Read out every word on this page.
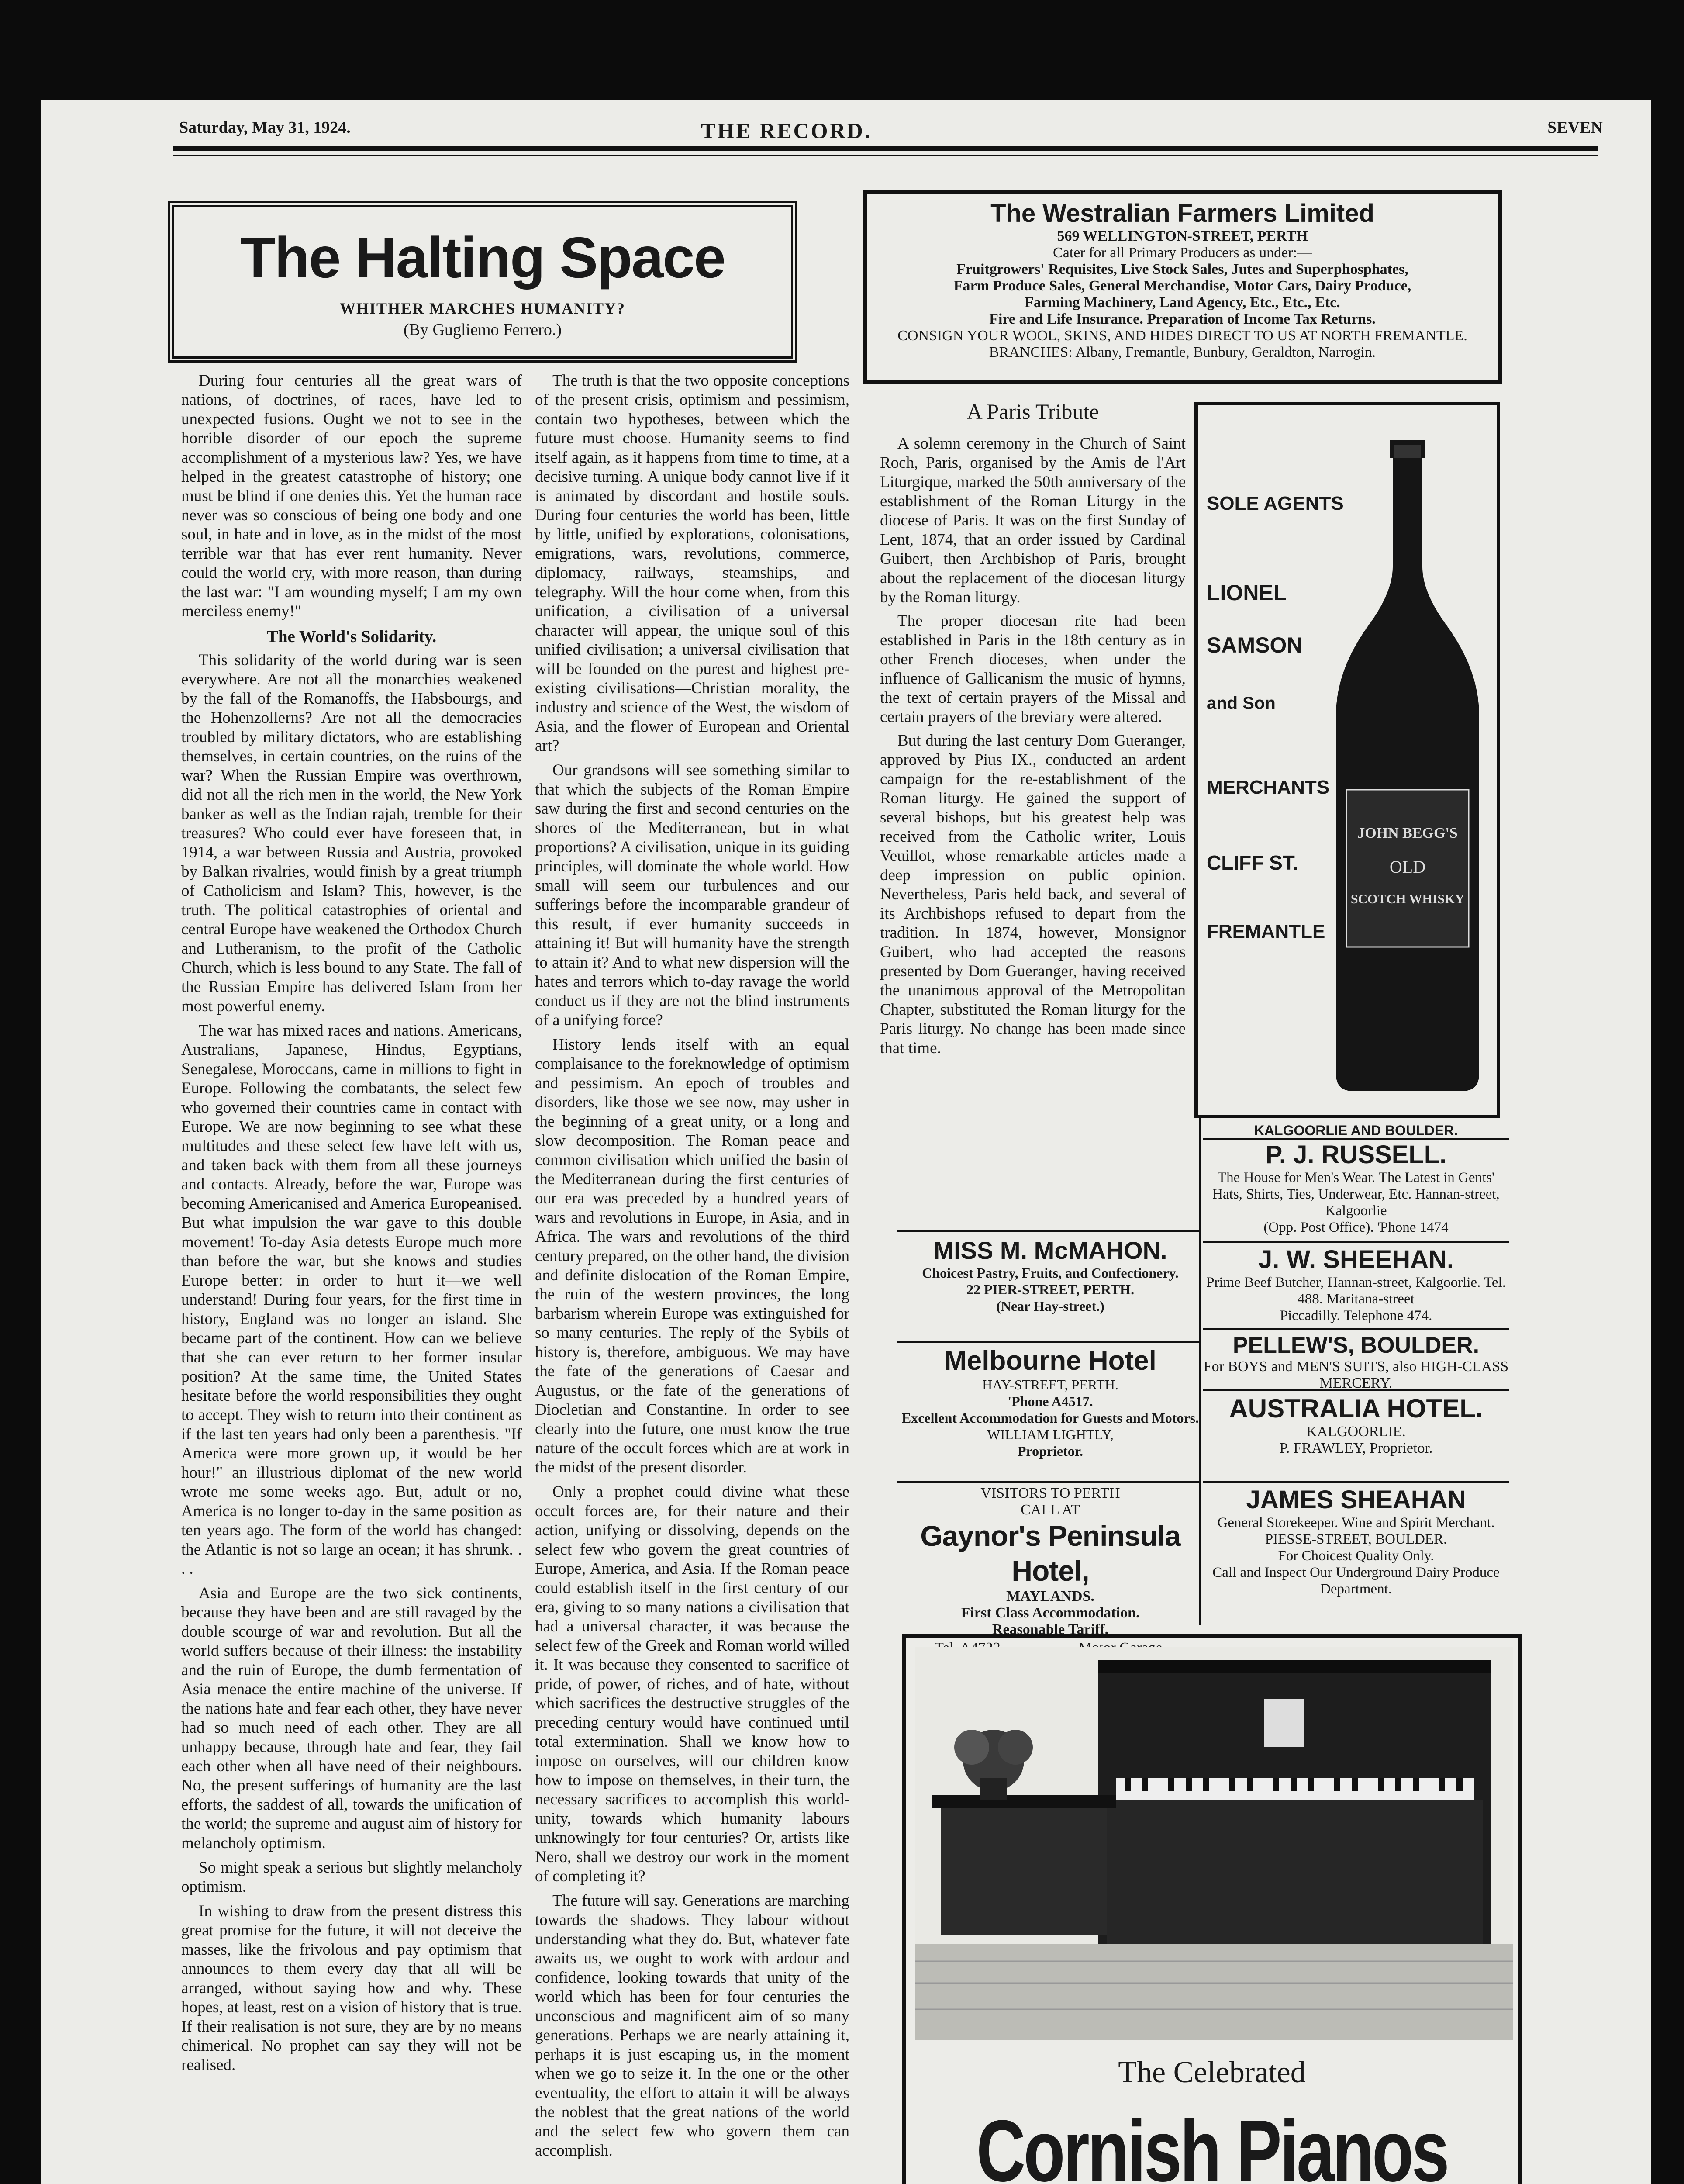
Saturday, May 31, 1924.	THE RECORD.	SEVEN
The Halting Space
WHITHER MARCHES HUMANITY?
(By Gugliemo Ferrero.)

During four centuries all the great wars of nations, of doctrines, of races, have led to unexpected fusions. Ought we not to see in the horrible disorder of our epoch the supreme accomplishment of a mysterious law? Yes, we have helped in the greatest catastrophe of history; one must be blind if one denies this. Yet the human race never was so conscious of being one body and one soul, in hate and in love, as in the midst of the most terrible war that has ever rent humanity. Never could the world cry, with more reason, than during the last war: "I am wounding myself; I am my own merciless enemy!"

The World's Solidarity.

This solidarity of the world during war is seen everywhere. Are not all the monarchies weakened by the fall of the Romanoffs, the Habsbourgs, and the Hohenzollerns? Are not all the democracies troubled by military dictators, who are establishing themselves, in certain countries, on the ruins of the war? When the Russian Empire was overthrown, did not all the rich men in the world, the New York banker as well as the Indian rajah, tremble for their treasures? Who could ever have foreseen that, in 1914, a war between Russia and Austria, provoked by Balkan rivalries, would finish by a great triumph of Catholicism and Islam? This, however, is the truth. The political catastrophies of oriental and central Europe have weakened the Orthodox Church and Lutheranism, to the profit of the Catholic Church, which is less bound to any State. The fall of the Russian Empire has delivered Islam from her most powerful enemy.

The war has mixed races and nations. Americans, Australians, Japanese, Hindus, Egyptians, Senegalese, Moroccans, came in millions to fight in Europe. Following the combatants, the select few who governed their countries came in contact with Europe. We are now beginning to see what these multitudes and these select few have left with us, and taken back with them from all these journeys and contacts. Already, before the war, Europe was becoming Americanised and America Europeanised. But what impulsion the war gave to this double movement! To-day Asia detests Europe much more than before the war, but she knows and studies Europe better: in order to hurt it—we well understand! During four years, for the first time in history, England was no longer an island. She became part of the continent. How can we believe that she can ever return to her former insular position? At the same time, the United States hesitate before the world responsibilities they ought to accept. They wish to return into their continent as if the last ten years had only been a parenthesis. "If America were more grown up, it would be her hour!" an illustrious diplomat of the new world wrote me some weeks ago. But, adult or no, America is no longer to-day in the same position as ten years ago. The form of the world has changed: the Atlantic is not so large an ocean; it has shrunk. . . .

Asia and Europe are the two sick continents, because they have been and are still ravaged by the double scourge of war and revolution. But all the world suffers because of their illness: the instability and the ruin of Europe, the dumb fermentation of Asia menace the entire machine of the universe. If the nations hate and fear each other, they have never had so much need of each other. They are all unhappy because, through hate and fear, they fail each other when all have need of their neighbours. No, the present sufferings of humanity are the last efforts, the saddest of all, towards the unification of the world; the supreme and august aim of history for melancholy optimism.

So might speak a serious but slightly melancholy optimism.

In wishing to draw from the present distress this great promise for the future, it will not deceive the masses, like the frivolous and pay optimism that announces to them every day that all will be arranged, without saying how and why. These hopes, at least, rest on a vision of history that is true. If their realisation is not sure, they are by no means chimerical. No prophet can say they will not be realised.

The truth is that the two opposite conceptions of the present crisis, optimism and pessimism, contain two hypotheses, between which the future must choose. Humanity seems to find itself again, as it happens from time to time, at a decisive turning. A unique body cannot live if it is animated by discordant and hostile souls. During four centuries the world has been, little by little, unified by explorations, colonisations, emigrations, wars, revolutions, commerce, diplomacy, railways, steamships, and telegraphy. Will the hour come when, from this unification, a civilisation of a universal character will appear, the unique soul of this unified civilisation; a universal civilisation that will be founded on the purest and highest pre-existing civilisations—Christian morality, the industry and science of the West, the wisdom of Asia, and the flower of European and Oriental art?

Our grandsons will see something similar to that which the subjects of the Roman Empire saw during the first and second centuries on the shores of the Mediterranean, but in what proportions? A civilisation, unique in its guiding principles, will dominate the whole world. How small will seem our turbulences and our sufferings before the incomparable grandeur of this result, if ever humanity succeeds in attaining it! But will humanity have the strength to attain it? And to what new dispersion will the hates and terrors which to-day ravage the world conduct us if they are not the blind instruments of a unifying force?

History lends itself with an equal complaisance to the foreknowledge of optimism and pessimism. An epoch of troubles and disorders, like those we see now, may usher in the beginning of a great unity, or a long and slow decomposition. The Roman peace and common civilisation which unified the basin of the Mediterranean during the first centuries of our era was preceded by a hundred years of wars and revolutions in Europe, in Asia, and in Africa. The wars and revolutions of the third century prepared, on the other hand, the division and definite dislocation of the Roman Empire, the ruin of the western provinces, the long barbarism wherein Europe was extinguished for so many centuries. The reply of the Sybils of history is, therefore, ambiguous. We may have the fate of the generations of Caesar and Augustus, or the fate of the generations of Diocletian and Constantine. In order to see clearly into the future, one must know the true nature of the occult forces which are at work in the midst of the present disorder.

Only a prophet could divine what these occult forces are, for their nature and their action, unifying or dissolving, depends on the select few who govern the great countries of Europe, America, and Asia. If the Roman peace could establish itself in the first century of our era, giving to so many nations a civilisation that had a universal character, it was because the select few of the Greek and Roman world willed it. It was because they consented to sacrifice of pride, of power, of riches, and of hate, without which sacrifices the destructive struggles of the preceding century would have continued until total extermination. Shall we know how to impose on ourselves, will our children know how to impose on themselves, in their turn, the necessary sacrifices to accomplish this world-unity, towards which humanity labours unknowingly for four centuries? Or, artists like Nero, shall we destroy our work in the moment of completing it?

The future will say. Generations are marching towards the shadows. They labour without understanding what they do. But, whatever fate awaits us, we ought to work with ardour and confidence, looking towards that unity of the world which has been for four centuries the unconscious and magnificent aim of so many generations. Perhaps we are nearly attaining it, perhaps it is just escaping us, in the moment when we go to seize it. In the one or the other eventuality, the effort to attain it will be always the noblest that the great nations of the world and the select few who govern them can accomplish.

The Westralian Farmers Limited
569 WELLINGTON-STREET, PERTH
Cater for all Primary Producers as under:—
Fruitgrowers' Requisites, Live Stock Sales, Jutes and Superphosphates,
Farm Produce Sales, General Merchandise, Motor Cars, Dairy Produce,
Farming Machinery, Land Agency, Etc., Etc., Etc.
Fire and Life Insurance. Preparation of Income Tax Returns.
CONSIGN YOUR WOOL, SKINS, AND HIDES DIRECT TO US AT NORTH FREMANTLE.
BRANCHES: Albany, Fremantle, Bunbury, Geraldton, Narrogin.
A Paris Tribute

A solemn ceremony in the Church of Saint Roch, Paris, organised by the Amis de l'Art Liturgique, marked the 50th anniversary of the establishment of the Roman Liturgy in the diocese of Paris. It was on the first Sunday of Lent, 1874, that an order issued by Cardinal Guibert, then Archbishop of Paris, brought about the replacement of the diocesan liturgy by the Roman liturgy.

The proper diocesan rite had been established in Paris in the 18th century as in other French dioceses, when under the influence of Gallicanism the music of hymns, the text of certain prayers of the Missal and certain prayers of the breviary were altered.

But during the last century Dom Gueranger, approved by Pius IX., conducted an ardent campaign for the re-establishment of the Roman liturgy. He gained the support of several bishops, but his greatest help was received from the Catholic writer, Louis Veuillot, whose remarkable articles made a deep impression on public opinion. Nevertheless, Paris held back, and several of its Archbishops refused to depart from the tradition. In 1874, however, Monsignor Guibert, who had accepted the reasons presented by Dom Gueranger, having received the unanimous approval of the Metropolitan Chapter, substituted the Roman liturgy for the Paris liturgy. No change has been made since that time.

SOLE AGENTS
LIONEL
SAMSON
and Son
MERCHANTS
CLIFF ST.
FREMANTLE
JOHN BEGG'S
OLD
SCOTCH WHISKY
KALGOORLIE AND BOULDER.
P. J. RUSSELL.
The House for Men's Wear. The Latest in Gents' Hats, Shirts, Ties, Underwear, Etc. Hannan-street, Kalgoorlie
(Opp. Post Office). 'Phone 1474
J. W. SHEEHAN.
Prime Beef Butcher, Hannan-street, Kalgoorlie. Tel. 488. Maritana-street
Piccadilly. Telephone 474.
PELLEW'S, BOULDER.
For BOYS and MEN'S SUITS, also HIGH-CLASS MERCERY.
AUSTRALIA HOTEL.
KALGOORLIE.
P. FRAWLEY, Proprietor.
JAMES SHEAHAN
General Storekeeper. Wine and Spirit Merchant.
PIESSE-STREET, BOULDER.
For Choicest Quality Only.
Call and Inspect Our Underground Dairy Produce Department.
MISS M. McMAHON.
Choicest Pastry, Fruits, and Confectionery.
22 PIER-STREET, PERTH.
(Near Hay-street.)
Melbourne Hotel
HAY-STREET, PERTH.
'Phone A4517.
Excellent Accommodation for Guests and Motors.
WILLIAM LIGHTLY,
Proprietor.
VISITORS TO PERTH
CALL AT
Gaynor's Peninsula Hotel,
MAYLANDS.
First Class Accommodation.
Reasonable Tariff.
The Celebrated
Cornish Pianos
